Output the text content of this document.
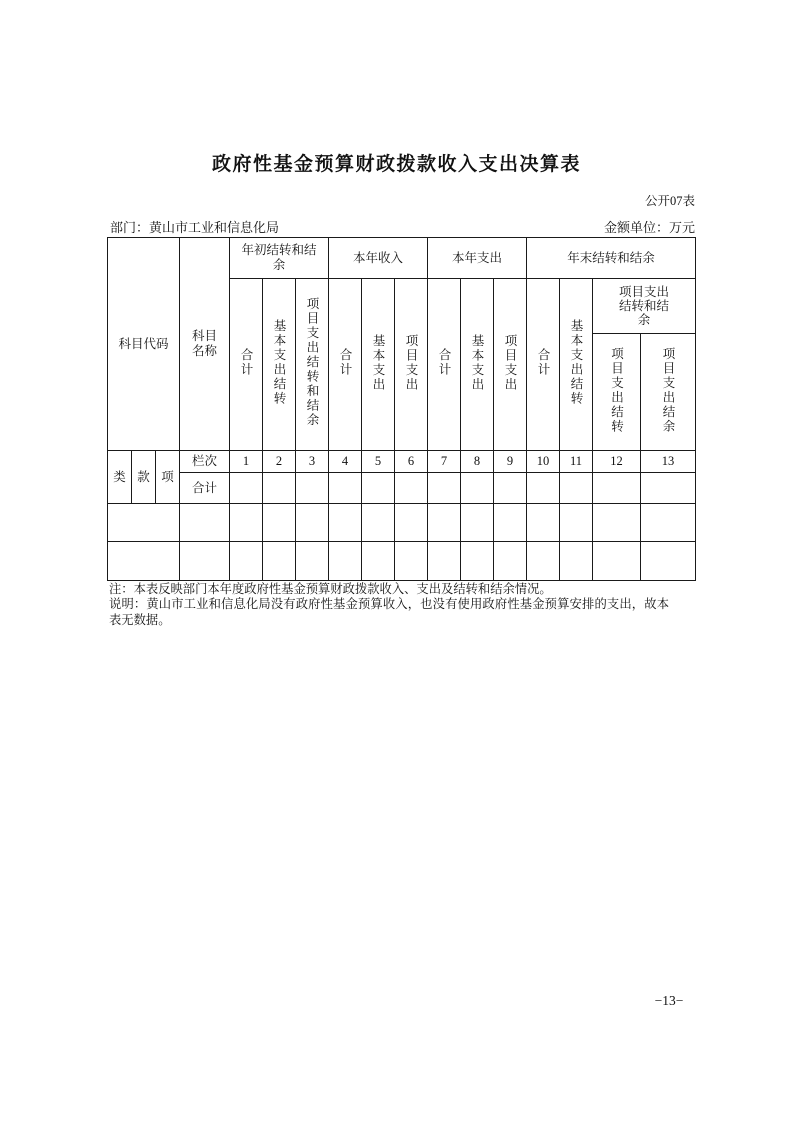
政府性基金预算财政拨款收入支出决算表
公开07表
部门：黄山市工业和信息化局	金额单位：万元
科目代码			科目名称	年初结转和结余			本年收入			本年支出			年末结转和结余			
				合计	基本支出结转	项目支出结转和结余	合计	基本支出	项目支出	合计	基本支出	项目支出	合计	基本支出结转	项目支出结转和结余	
															项目支出结转	项目支出结余
类	款	项	栏次	1	2	3	4	5	6	7	8	9	10	11	12	13
			合计													

注：本表反映部门本年度政府性基金预算财政拨款收入、支出及结转和结余情况。
说明：黄山市工业和信息化局没有政府性基金预算收入，也没有使用政府性基金预算安排的支出，故本表无数据。
−13−
